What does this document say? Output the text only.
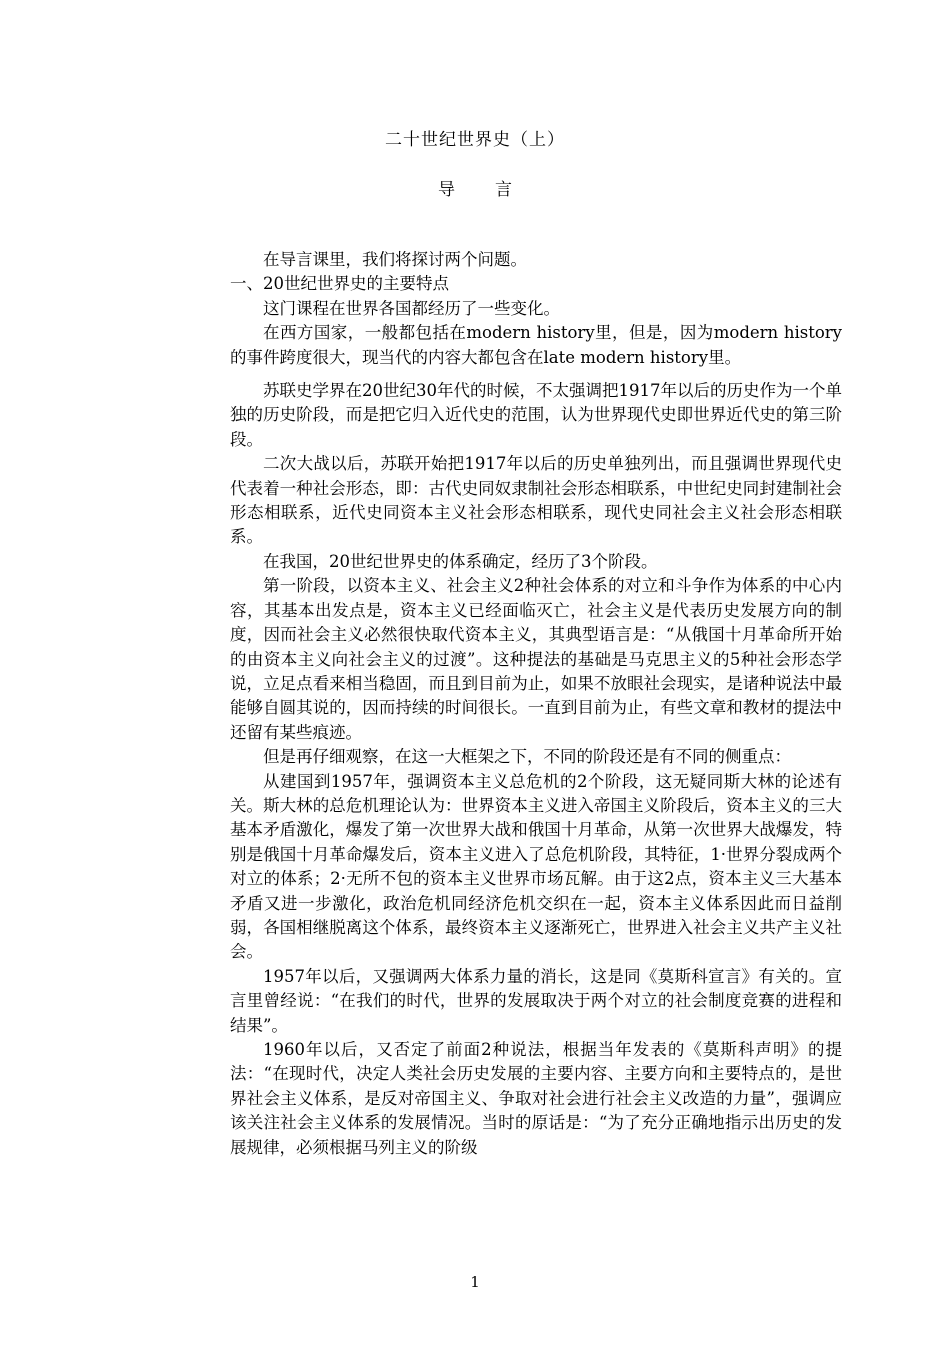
二十世纪世界史（上）
导言

在导言课里，我们将探讨两个问题。

一、20世纪世界史的主要特点

这门课程在世界各国都经历了一些变化。

在西方国家，一般都包括在modern history里，但是，因为modern history的事件跨度很大，现当代的内容大都包含在late modern history里。

苏联史学界在20世纪30年代的时候，不太强调把1917年以后的历史作为一个单独的历史阶段，而是把它归入近代史的范围，认为世界现代史即世界近代史的第三阶段。

二次大战以后，苏联开始把1917年以后的历史单独列出，而且强调世界现代史代表着一种社会形态，即：古代史同奴隶制社会形态相联系，中世纪史同封建制社会形态相联系，近代史同资本主义社会形态相联系，现代史同社会主义社会形态相联系。

在我国，20世纪世界史的体系确定，经历了3个阶段。

第一阶段，以资本主义、社会主义2种社会体系的对立和斗争作为体系的中心内容，其基本出发点是，资本主义已经面临灭亡，社会主义是代表历史发展方向的制度，因而社会主义必然很快取代资本主义，其典型语言是：“从俄国十月革命所开始的由资本主义向社会主义的过渡”。这种提法的基础是马克思主义的5种社会形态学说，立足点看来相当稳固，而且到目前为止，如果不放眼社会现实，是诸种说法中最能够自圆其说的，因而持续的时间很长。一直到目前为止，有些文章和教材的提法中还留有某些痕迹。

但是再仔细观察，在这一大框架之下，不同的阶段还是有不同的侧重点：

从建国到1957年，强调资本主义总危机的2个阶段，这无疑同斯大林的论述有关。斯大林的总危机理论认为：世界资本主义进入帝国主义阶段后，资本主义的三大基本矛盾激化，爆发了第一次世界大战和俄国十月革命，从第一次世界大战爆发，特别是俄国十月革命爆发后，资本主义进入了总危机阶段，其特征，1·世界分裂成两个对立的体系；2·无所不包的资本主义世界市场瓦解。由于这2点，资本主义三大基本矛盾又进一步激化，政治危机同经济危机交织在一起，资本主义体系因此而日益削弱，各国相继脱离这个体系，最终资本主义逐渐死亡，世界进入社会主义共产主义社会。

1957年以后，又强调两大体系力量的消长，这是同《莫斯科宣言》有关的。宣言里曾经说：“在我们的时代，世界的发展取决于两个对立的社会制度竞赛的进程和结果”。

1960年以后，又否定了前面2种说法，根据当年发表的《莫斯科声明》的提法：“在现时代，决定人类社会历史发展的主要内容、主要方向和主要特点的，是世界社会主义体系，是反对帝国主义、争取对社会进行社会主义改造的力量”，强调应该关注社会主义体系的发展情况。当时的原话是：“为了充分正确地指示出历史的发展规律，必须根据马列主义的阶级

1
